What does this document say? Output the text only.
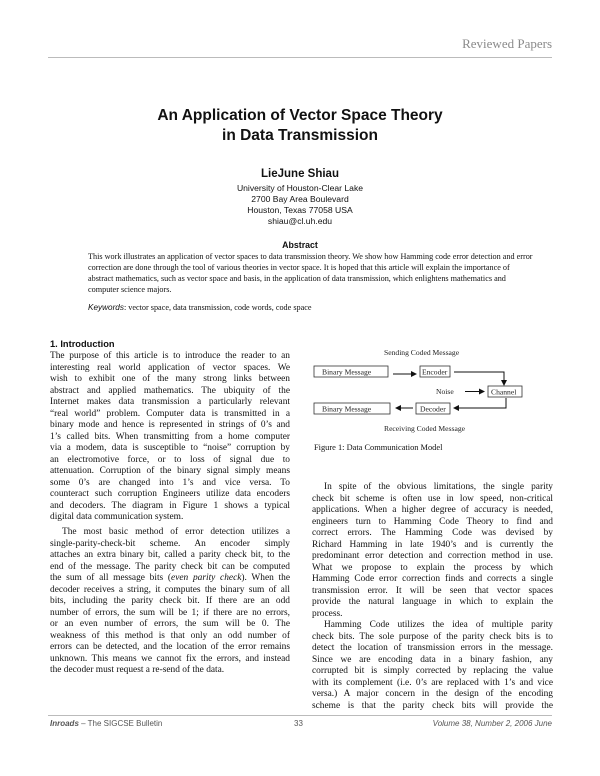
Reviewed Papers
An Application of Vector Space Theory
in Data Transmission
LieJune Shiau
University of Houston-Clear Lake
2700 Bay Area Boulevard
Houston, Texas 77058 USA
shiau@cl.uh.edu
Abstract
This work illustrates an application of vector spaces to data transmission theory. We show how Hamming code error detection and error correction are done through the tool of various theories in vector space. It is hoped that this article will explain the importance of abstract mathematics, such as vector space and basis, in the application of data transmission, which enlightens mathematics and computer science majors.
Keywords: vector space, data transmission, code words, code space
1. Introduction
The purpose of this article is to introduce the reader to an
interesting real world application of vector spaces. We
wish to exhibit one of the many strong links between
abstract and applied mathematics. The ubiquity of the
Internet makes data transmission a particularly relevant
“real world” problem. Computer data is transmitted in a
binary mode and hence is represented in strings of 0’s and
1’s called bits. When transmitting from a home computer
via a modem, data is susceptible to “noise” corruption by
an electromotive force, or to loss of signal due to
attenuation. Corruption of the binary signal simply means
some 0’s are changed into 1’s and vice versa. To
counteract such corruption Engineers utilize data encoders
and decoders. The diagram in Figure 1 shows a typical
digital data communication system.
The most basic method of error detection utilizes a
single-parity-check-bit scheme. An encoder simply
attaches an extra binary bit, called a parity check bit, to the
end of the message. The parity check bit can be computed
the sum of all message bits (even parity check). When the
decoder receives a string, it computes the binary sum of all
bits, including the parity check bit. If there are an odd
number of errors, the sum will be 1; if there are no errors,
or an even number of errors, the sum will be 0. The
weakness of this method is that only an odd number of
errors can be detected, and the location of the error remains
unknown. This means we cannot fix the errors, and instead
the decoder must request a re-send of the data.
Sending Coded Message
Binary Message	Encoder
Noise	Channel
Decoder
Binary Message
Receiving Coded Message
Figure 1: Data Communication Model
In spite of the obvious limitations, the single parity
check bit scheme is often use in low speed, non-critical
applications. When a higher degree of accuracy is needed,
engineers turn to Hamming Code Theory to find and
correct errors. The Hamming Code was devised by
Richard Hamming in late 1940’s and is currently the
predominant error detection and correction method in use.
What we propose to explain the process by which
Hamming Code error correction finds and corrects a single
transmission error. It will be seen that vector spaces
provide the natural language in which to explain the
process.
Hamming Code utilizes the idea of multiple parity
check bits. The sole purpose of the parity check bits is to
detect the location of transmission errors in the message.
Since we are encoding data in a binary fashion, any
corrupted bit is simply corrected by replacing the value
with its complement (i.e. 0’s are replaced with 1’s and vice
versa.) A major concern in the design of the encoding
scheme is that the parity check bits will provide the
Inroads – The SIGCSE Bulletin	33	Volume 38, Number 2, 2006 June
